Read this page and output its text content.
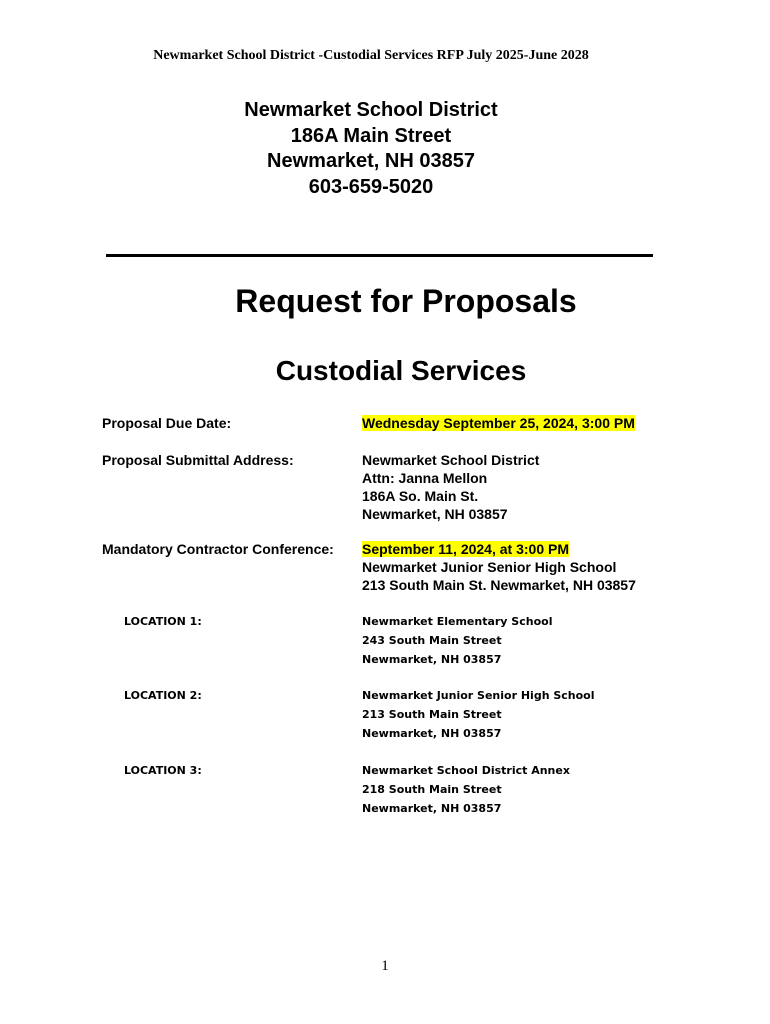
Newmarket School District -Custodial Services RFP July 2025-June 2028
Newmarket School District
186A Main Street
Newmarket, NH 03857
603-659-5020
Request for Proposals
Custodial Services
Proposal Due Date:	Wednesday September 25, 2024, 3:00 PM
Proposal Submittal Address:	Newmarket School District
Attn: Janna Mellon
186A So. Main St.
Newmarket, NH 03857
Mandatory Contractor Conference: September 11, 2024, at 3:00 PM
Newmarket Junior Senior High School
213 South Main St. Newmarket, NH 03857
LOCATION 1:	Newmarket Elementary School
243 South Main Street
Newmarket, NH 03857
LOCATION 2:	Newmarket Junior Senior High School
213 South Main Street
Newmarket, NH 03857
LOCATION 3:	Newmarket School District Annex
218 South Main Street
Newmarket, NH 03857
1
